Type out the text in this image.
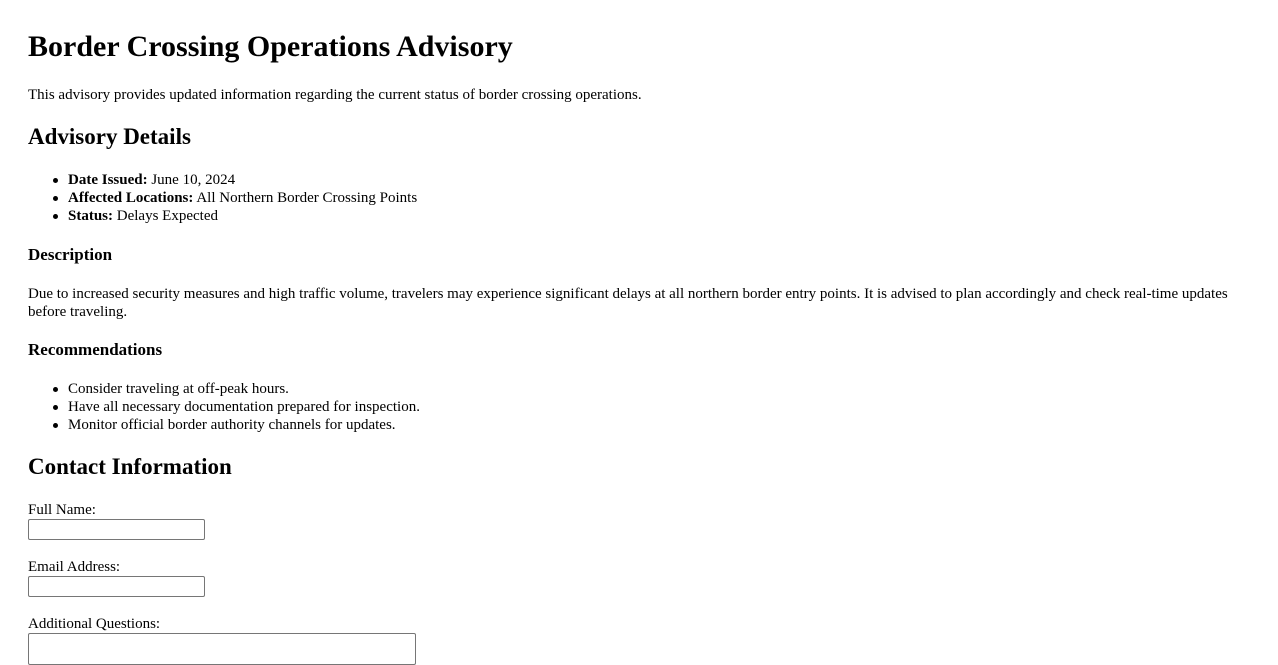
Border Crossing Operations Advisory

This advisory provides updated information regarding the current status of border crossing operations.

Advisory Details
Date Issued: June 10, 2024
Affected Locations: All Northern Border Crossing Points
Status: Delays Expected
Description

Due to increased security measures and high traffic volume, travelers may experience significant delays at all northern border entry points. It is advised to plan accordingly and check real-time updates before traveling.

Recommendations
Consider traveling at off-peak hours.
Have all necessary documentation prepared for inspection.
Monitor official border authority channels for updates.
Contact Information
Full Name:
Email Address:
Additional Questions:
